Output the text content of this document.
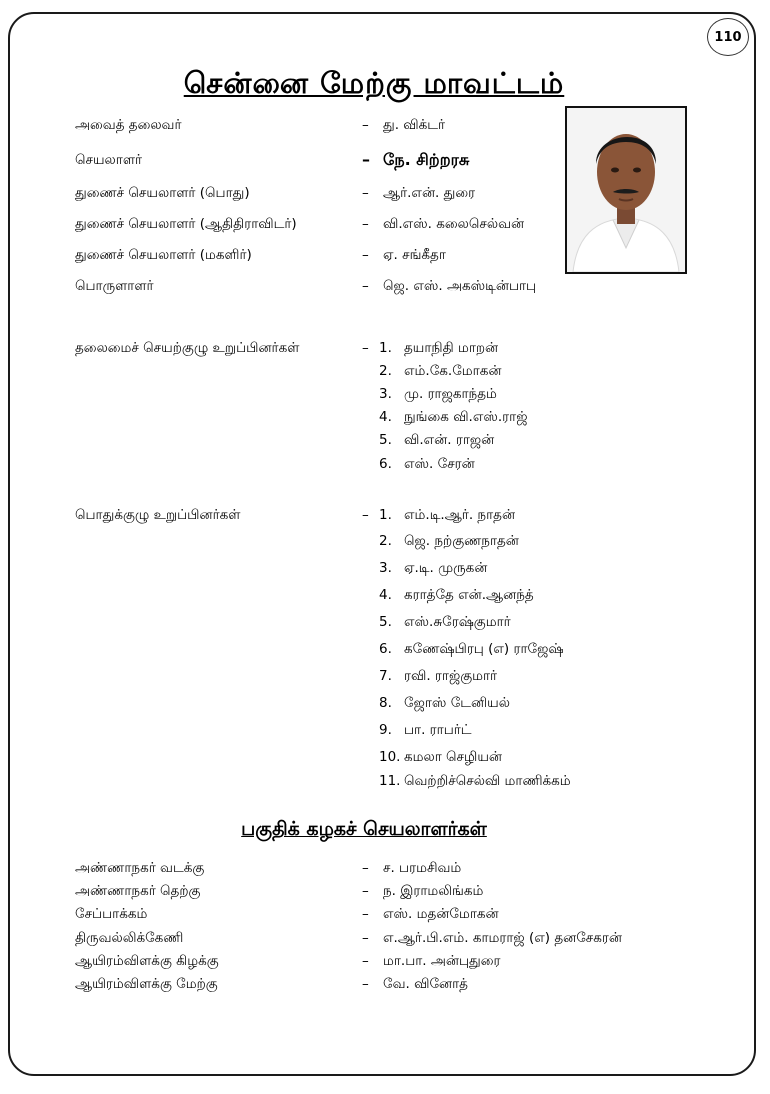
சென்னை மேற்கு மாவட்டம்
110
அவைத் தலைவர்	– து. விக்டர்
செயலாளர்	– நே. சிற்றரசு
துணைச் செயலாளர் (பொது)	– ஆர்.என். துரை
துணைச் செயலாளர் (ஆதிதிராவிடர்)	– வி.எஸ். கலைசெல்வன்
துணைச் செயலாளர் (மகளிர்)	– ஏ. சங்கீதா
பொருளாளர்	– ஜெ. எஸ். அகஸ்டின்பாபு
தலைமைச் செயற்குழு உறுப்பினர்கள்	– 1. தயாநிதி மாறன்
2. எம்.கே.மோகன்
3. மு. ராஜகாந்தம்
4. நுங்கை வி.எஸ்.ராஜ்
5. வி.என். ராஜன்
6. எஸ். சேரன்
பொதுக்குழு உறுப்பினர்கள்	– 1. எம்.டி.ஆர். நாதன்
2. ஜெ. நற்குணநாதன்
3. ஏ.டி. முருகன்
4. கராத்தே என்.ஆனந்த்
5. எஸ்.சுரேஷ்குமார்
6. கணேஷ்பிரபு (எ) ராஜேஷ்
7. ரவி. ராஜ்குமார்
8. ஜோஸ் டேனியல்
9. பா. ராபர்ட்
10. கமலா செழியன்
11. வெற்றிச்செல்வி மாணிக்கம்
பகுதிக் கழகச் செயலாளர்கள்
அண்ணாநகர் வடக்கு	– ச. பரமசிவம்
அண்ணாநகர் தெற்கு	– ந. இராமலிங்கம்
சேப்பாக்கம்	– எஸ். மதன்மோகன்
திருவல்லிக்கேணி	– எ.ஆர்.பி.எம். காமராஜ் (எ) தனசேகரன்
ஆயிரம்விளக்கு கிழக்கு	– மா.பா. அன்புதுரை
ஆயிரம்விளக்கு மேற்கு	– வே. வினோத்
